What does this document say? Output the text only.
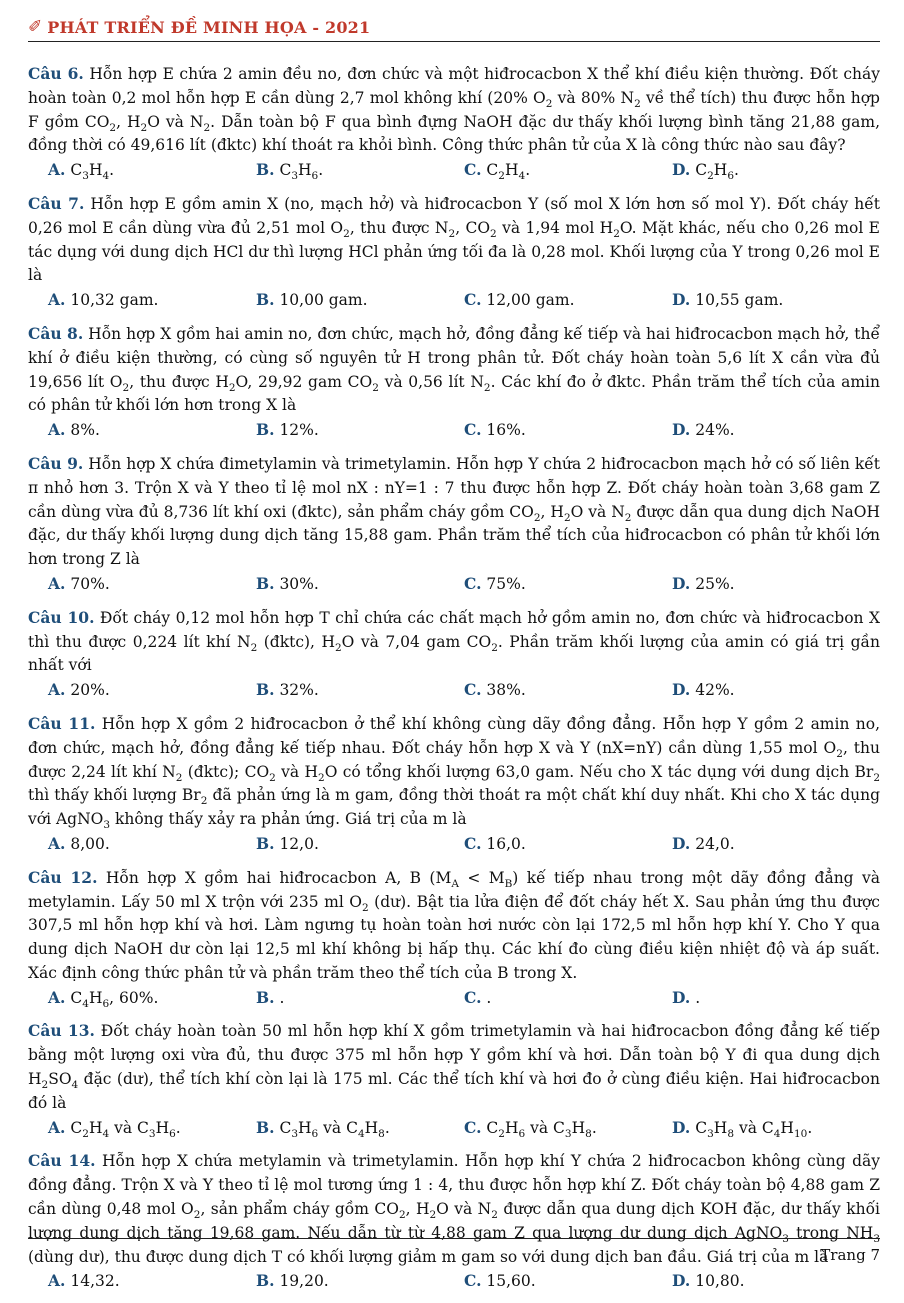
✐ PHÁT TRIỂN ĐỀ MINH HỌA - 2021

Câu 6. Hỗn hợp E chứa 2 amin đều no, đơn chức và một hiđrocacbon X thể khí điều kiện thường. Đốt cháy hoàn toàn 0,2 mol hỗn hợp E cần dùng 2,7 mol không khí (20% $O_2$ và 80% $N_2$ về thể tích) thu được hỗn hợp F gồm $CO_2$, $H_2O$ và $N_2$. Dẫn toàn bộ F qua bình đựng NaOH đặc dư thấy khối lượng bình tăng 21,88 gam, đồng thời có 49,616 lít (đktc) khí thoát ra khỏi bình. Công thức phân tử của X là công thức nào sau đây?

A. $C_3H_4$.	B. $C_3H_6$.	C. $C_2H_4$.	D. $C_2H_6$.

Câu 7. Hỗn hợp E gồm amin X (no, mạch hở) và hiđrocacbon Y (số mol X lớn hơn số mol Y). Đốt cháy hết 0,26 mol E cần dùng vừa đủ 2,51 mol $O_2$, thu được $N_2$, $CO_2$ và 1,94 mol $H_2O$. Mặt khác, nếu cho 0,26 mol E tác dụng với dung dịch HCl dư thì lượng HCl phản ứng tối đa là 0,28 mol. Khối lượng của Y trong 0,26 mol E là

A. 10,32 gam.	B. 10,00 gam.	C. 12,00 gam.	D. 10,55 gam.

Câu 8. Hỗn hợp X gồm hai amin no, đơn chức, mạch hở, đồng đẳng kế tiếp và hai hiđrocacbon mạch hở, thể khí ở điều kiện thường, có cùng số nguyên tử H trong phân tử. Đốt cháy hoàn toàn 5,6 lít X cần vừa đủ 19,656 lít $O_2$, thu được $H_2O$, 29,92 gam $CO_2$ và 0,56 lít $N_2$. Các khí đo ở đktc. Phần trăm thể tích của amin có phân tử khối lớn hơn trong X là

A. 8%.	B. 12%.	C. 16%.	D. 24%.

Câu 9. Hỗn hợp X chứa đimetylamin và trimetylamin. Hỗn hợp Y chứa 2 hiđrocacbon mạch hở có số liên kết π nhỏ hơn 3. Trộn X và Y theo tỉ lệ mol nX : nY=1 : 7 thu được hỗn hợp Z. Đốt cháy hoàn toàn 3,68 gam Z cần dùng vừa đủ 8,736 lít khí oxi (đktc), sản phẩm cháy gồm $CO_2$, $H_2O$ và $N_2$ được dẫn qua dung dịch NaOH đặc, dư thấy khối lượng dung dịch tăng 15,88 gam. Phần trăm thể tích của hiđrocacbon có phân tử khối lớn hơn trong Z là

A. 70%.	B. 30%.	C. 75%.	D. 25%.

Câu 10. Đốt cháy 0,12 mol hỗn hợp T chỉ chứa các chất mạch hở gồm amin no, đơn chức và hiđrocacbon X thì thu được 0,224 lít khí $N_2$ (đktc), $H_2O$ và 7,04 gam $CO_2$. Phần trăm khối lượng của amin có giá trị gần nhất với

A. 20%.	B. 32%.	C. 38%.	D. 42%.

Câu 11. Hỗn hợp X gồm 2 hiđrocacbon ở thể khí không cùng dãy đồng đẳng. Hỗn hợp Y gồm 2 amin no, đơn chức, mạch hở, đồng đẳng kế tiếp nhau. Đốt cháy hỗn hợp X và Y (nX=nY) cần dùng 1,55 mol $O_2$, thu được 2,24 lít khí $N_2$ (đktc); $CO_2$ và $H_2O$ có tổng khối lượng 63,0 gam. Nếu cho X tác dụng với dung dịch $Br_2$ thì thấy khối lượng $Br_2$ đã phản ứng là m gam, đồng thời thoát ra một chất khí duy nhất. Khi cho X tác dụng với AgNO$_3$ không thấy xảy ra phản ứng. Giá trị của m là

A. 8,00.	B. 12,0.	C. 16,0.	D. 24,0.

Câu 12. Hỗn hợp X gồm hai hiđrocacbon A, B $(M_A < M_B)$ kế tiếp nhau trong một dãy đồng đẳng và metylamin. Lấy 50 ml X trộn với 235 ml $O_2$ (dư). Bật tia lửa điện để đốt cháy hết X. Sau phản ứng thu được 307,5 ml hỗn hợp khí và hơi. Làm ngưng tụ hoàn toàn hơi nước còn lại 172,5 ml hỗn hợp khí Y. Cho Y qua dung dịch NaOH dư còn lại 12,5 ml khí không bị hấp thụ. Các khí đo cùng điều kiện nhiệt độ và áp suất. Xác định công thức phân tử và phần trăm theo thể tích của B trong X.

A. $C_4H_6$, 60%.	B. .	C. .	D. .

Câu 13. Đốt cháy hoàn toàn 50 ml hỗn hợp khí X gồm trimetylamin và hai hiđrocacbon đồng đẳng kế tiếp bằng một lượng oxi vừa đủ, thu được 375 ml hỗn hợp Y gồm khí và hơi. Dẫn toàn bộ Y đi qua dung dịch $H_2SO_4$ đặc (dư), thể tích khí còn lại là 175 ml. Các thể tích khí và hơi đo ở cùng điều kiện. Hai hiđrocacbon đó là

A. $C_2H_4$ và $C_3H_6$.	B. $C_3H_6$ và $C_4H_8$.	C. $C_2H_6$ và $C_3H_8$.	D. $C_3H_8$ và $C_4H_{10}$.

Câu 14. Hỗn hợp X chứa metylamin và trimetylamin. Hỗn hợp khí Y chứa 2 hiđrocacbon không cùng dãy đồng đẳng. Trộn X và Y theo tỉ lệ mol tương ứng 1 : 4, thu được hỗn hợp khí Z. Đốt cháy toàn bộ 4,88 gam Z cần dùng 0,48 mol $O_2$, sản phẩm cháy gồm $CO_2$, $H_2O$ và $N_2$ được dẫn qua dung dịch KOH đặc, dư thấy khối lượng dung dịch tăng 19,68 gam. Nếu dẫn từ từ 4,88 gam Z qua lượng dư dung dịch AgNO$_3$ trong $NH_3$ (dùng dư), thu được dung dịch T có khối lượng giảm m gam so với dung dịch ban đầu. Giá trị của m là

A. 14,32.	B. 19,20.	C. 15,60.	D. 10,80.
Trang 7
